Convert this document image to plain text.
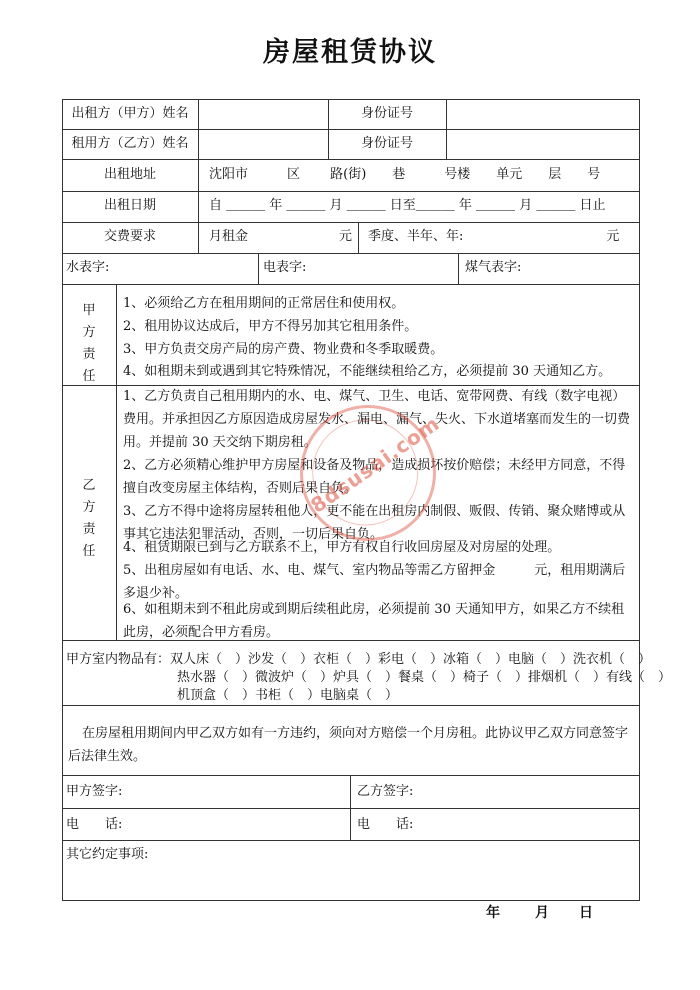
房屋租赁协议
出租方（甲方）姓名	身份证号
租用方（乙方）姓名	身份证号
出租地址	沈阳市　　　区　　 路(街)　　巷　　　号楼　　单元　　层　　号
出租日期	自 ＿＿＿ 年 ＿＿＿ 月 ＿＿＿ 日至＿＿＿ 年 ＿＿＿ 月 ＿＿＿ 日止
交费要求	月租金　　　　　　　元 季度、半年、年:　　　　　　　　　　　元
水表字:	电表字:	煤气表字:
甲方责任
1、必须给乙方在租用期间的正常居住和使用权。
2、租用协议达成后，甲方不得另加其它租用条件。
3、甲方负责交房产局的房产费、物业费和冬季取暖费。
4、如租期未到或遇到其它特殊情况，不能继续租给乙方，必须提前 30 天通知乙方。
乙方责任
1、乙方负责自己租用期内的水、电、煤气、卫生、电话、宽带网费、有线（数字电视）费用。并承担因乙方原因造成房屋发水、漏电、漏气、失火、下水道堵塞而发生的一切费用。并提前 30 天交纳下期房租。
2、乙方必须精心维护甲方房屋和设备及物品，造成损坏按价赔偿；未经甲方同意，不得擅自改变房屋主体结构，否则后果自负。
3、乙方不得中途将房屋转租他人，更不能在出租房内制假、贩假、传销、聚众赌博或从事其它违法犯罪活动，否则，一切后果自负。
4、租赁期限已到与乙方联系不上，甲方有权自行收回房屋及对房屋的处理。
5、出租房屋如有电话、水、电、煤气、室内物品等需乙方留押金　　　元，租用期满后多退少补。
6、如租期未到不租此房或到期后续租此房，必须提前 30 天通知甲方，如果乙方不续租此房，必须配合甲方看房。
8dsusai.com
甲方室内物品有：双人床（　）沙发（　）衣柜（　）彩电（　）冰箱（　）电脑（　）洗衣机（　）
热水器（　）微波炉（　）炉具（　）餐桌（　）椅子（　）排烟机（　）有线（　）
机顶盒（　）书柜（　）电脑桌（　）
在房屋租用期间内甲乙双方如有一方违约，须向对方赔偿一个月房租。此协议甲乙双方同意签字后法律生效。
甲方签字:	乙方签字:
电　　话:	电　　话:
其它约定事项:
年	月 日
